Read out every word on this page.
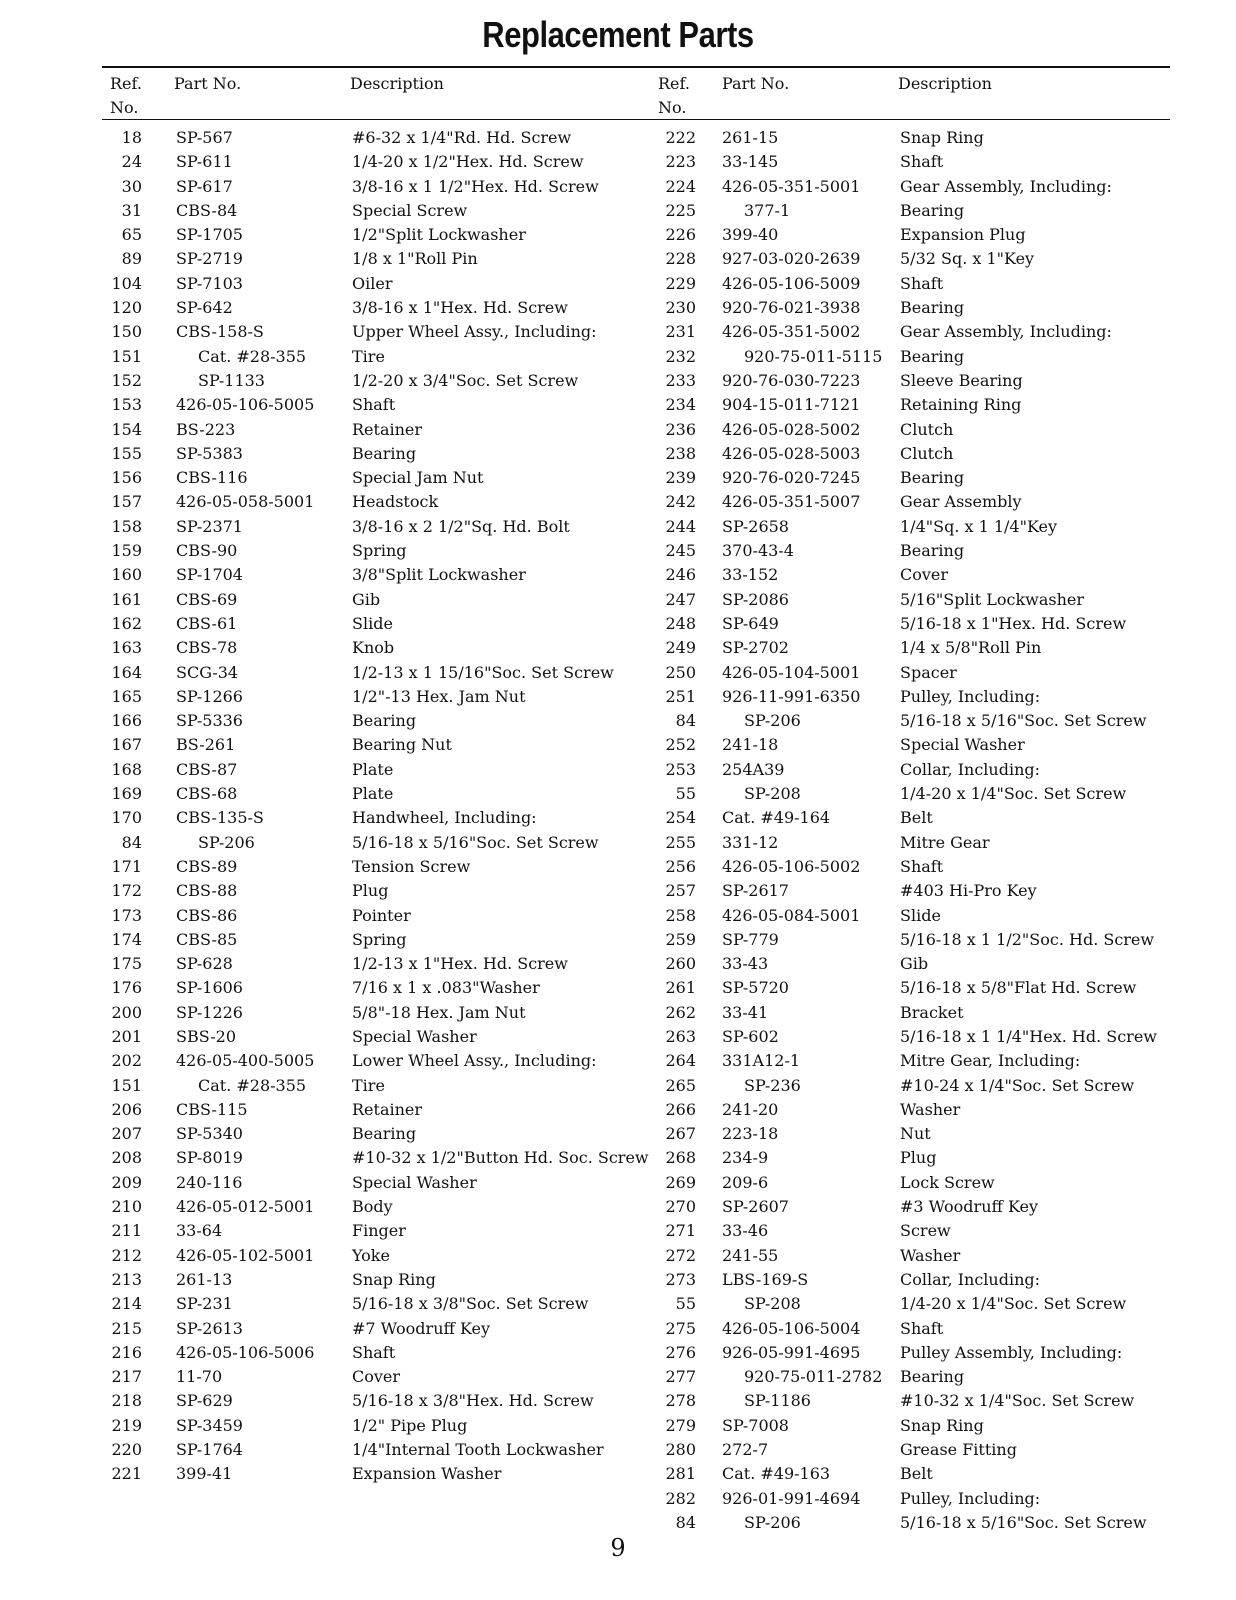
Replacement Parts
Ref.
No.
Part No.	Description	Ref.
No.
Part No.	Description
18 SP-567	#6-32 x 1/4"Rd. Hd. Screw
24 SP-611	1/4-20 x 1/2"Hex. Hd. Screw
30 SP-617	3/8-16 x 1 1/2"Hex. Hd. Screw
31 CBS-84	Special Screw
65 SP-1705	1/2"Split Lockwasher
89 SP-2719	1/8 x 1"Roll Pin
104 SP-7103	Oiler
120 SP-642	3/8-16 x 1"Hex. Hd. Screw
150 CBS-158-S	Upper Wheel Assy., Including:
151	Cat. #28-355	Tire
152	SP-1133	1/2-20 x 3/4"Soc. Set Screw
153 426-05-106-5005 Shaft
154 BS-223	Retainer
155 SP-5383	Bearing
156 CBS-116	Special Jam Nut
157 426-05-058-5001 Headstock
158 SP-2371	3/8-16 x 2 1/2"Sq. Hd. Bolt
159 CBS-90	Spring
160 SP-1704	3/8"Split Lockwasher
161 CBS-69	Gib
162 CBS-61	Slide
163 CBS-78	Knob
164 SCG-34	1/2-13 x 1 15/16"Soc. Set Screw
165 SP-1266	1/2"-13 Hex. Jam Nut
166 SP-5336	Bearing
167 BS-261	Bearing Nut
168 CBS-87	Plate
169 CBS-68	Plate
170 CBS-135-S	Handwheel, Including:
84	SP-206	5/16-18 x 5/16"Soc. Set Screw
171 CBS-89	Tension Screw
172 CBS-88	Plug
173 CBS-86	Pointer
174 CBS-85	Spring
175 SP-628	1/2-13 x 1"Hex. Hd. Screw
176 SP-1606	7/16 x 1 x .083"Washer
200 SP-1226	5/8"-18 Hex. Jam Nut
201 SBS-20	Special Washer
202 426-05-400-5005 Lower Wheel Assy., Including:
151	Cat. #28-355	Tire
206 CBS-115	Retainer
207 SP-5340	Bearing
208 SP-8019	#10-32 x 1/2"Button Hd. Soc. Screw
209 240-116	Special Washer
210 426-05-012-5001 Body
211 33-64	Finger
212 426-05-102-5001 Yoke
213 261-13	Snap Ring
214 SP-231	5/16-18 x 3/8"Soc. Set Screw
215 SP-2613	#7 Woodruff Key
216 426-05-106-5006 Shaft
217 11-70	Cover
218 SP-629	5/16-18 x 3/8"Hex. Hd. Screw
219 SP-3459	1/2" Pipe Plug
220 SP-1764	1/4"Internal Tooth Lockwasher
221 399-41	Expansion Washer
222 261-15	Snap Ring
223 33-145	Shaft
224 426-05-351-5001 Gear Assembly, Including:
225	377-1	Bearing
226 399-40	Expansion Plug
228 927-03-020-2639 5/32 Sq. x 1"Key
229 426-05-106-5009 Shaft
230 920-76-021-3938 Bearing
231 426-05-351-5002 Gear Assembly, Including:
232	920-75-011-5115 Bearing
233 920-76-030-7223 Sleeve Bearing
234 904-15-011-7121 Retaining Ring
236 426-05-028-5002 Clutch
238 426-05-028-5003 Clutch
239 920-76-020-7245 Bearing
242 426-05-351-5007 Gear Assembly
244 SP-2658	1/4"Sq. x 1 1/4"Key
245 370-43-4	Bearing
246 33-152	Cover
247 SP-2086	5/16"Split Lockwasher
248 SP-649	5/16-18 x 1"Hex. Hd. Screw
249 SP-2702	1/4 x 5/8"Roll Pin
250 426-05-104-5001 Spacer
251 926-11-991-6350 Pulley, Including:
84	SP-206	5/16-18 x 5/16"Soc. Set Screw
252 241-18	Special Washer
253 254A39	Collar, Including:
55	SP-208	1/4-20 x 1/4"Soc. Set Screw
254 Cat. #49-164	Belt
255 331-12	Mitre Gear
256 426-05-106-5002 Shaft
257 SP-2617	#403 Hi-Pro Key
258 426-05-084-5001 Slide
259 SP-779	5/16-18 x 1 1/2"Soc. Hd. Screw
260 33-43	Gib
261 SP-5720	5/16-18 x 5/8"Flat Hd. Screw
262 33-41	Bracket
263 SP-602	5/16-18 x 1 1/4"Hex. Hd. Screw
264 331A12-1	Mitre Gear, Including:
265	SP-236	#10-24 x 1/4"Soc. Set Screw
266 241-20	Washer
267 223-18	Nut
268 234-9	Plug
269 209-6	Lock Screw
270 SP-2607	#3 Woodruff Key
271 33-46	Screw
272 241-55	Washer
273 LBS-169-S	Collar, Including:
55	SP-208	1/4-20 x 1/4"Soc. Set Screw
275 426-05-106-5004 Shaft
276 926-05-991-4695 Pulley Assembly, Including:
277	920-75-011-2782 Bearing
278	SP-1186	#10-32 x 1/4"Soc. Set Screw
279 SP-7008	Snap Ring
280 272-7	Grease Fitting
281 Cat. #49-163	Belt
282 926-01-991-4694 Pulley, Including:
84	SP-206	5/16-18 x 5/16"Soc. Set Screw
9
